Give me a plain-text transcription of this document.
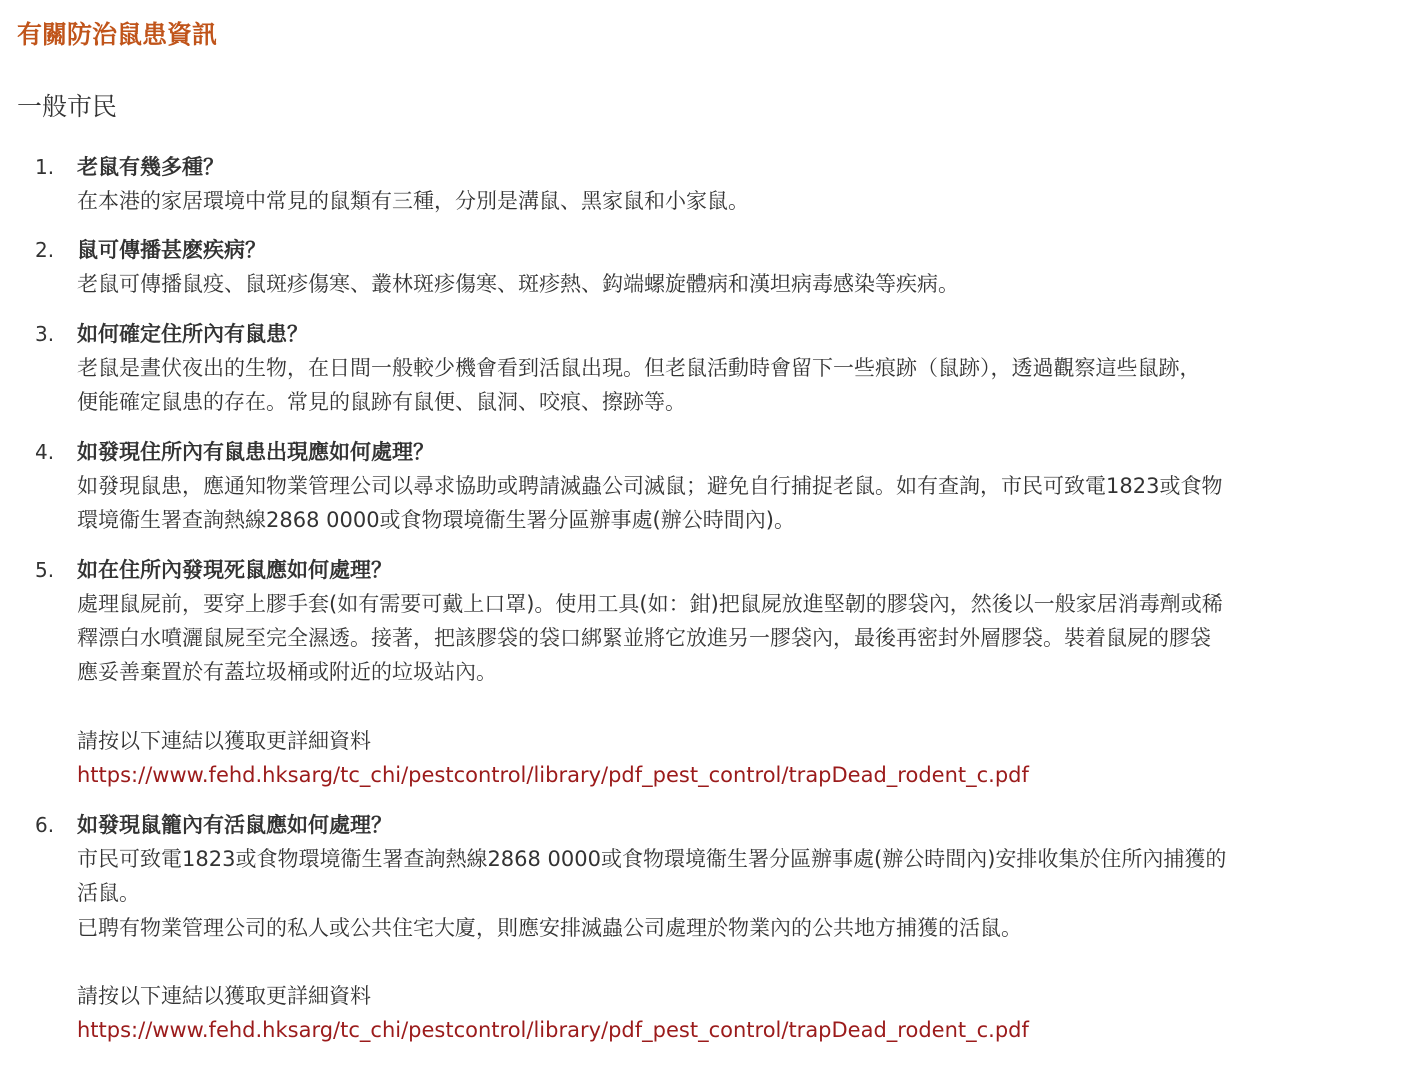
有關防治鼠患資訊
一般市民
1. 老鼠有幾多種？
在本港的家居環境中常見的鼠類有三種，分別是溝鼠、黑家鼠和小家鼠。
2. 鼠可傳播甚麽疾病？
老鼠可傳播鼠疫、鼠斑疹傷寒、叢林斑疹傷寒、斑疹熱、鈎端螺旋體病和漢坦病毒感染等疾病。
3. 如何確定住所內有鼠患？
老鼠是晝伏夜出的生物，在日間一般較少機會看到活鼠出現。但老鼠活動時會留下一些痕跡（鼠跡），透過觀察這些鼠跡，
便能確定鼠患的存在。常見的鼠跡有鼠便、鼠洞、咬痕、擦跡等。
4. 如發現住所內有鼠患出現應如何處理？
如發現鼠患，應通知物業管理公司以尋求協助或聘請滅蟲公司滅鼠；避免自行捕捉老鼠。如有查詢，市民可致電1823或食物
環境衞生署查詢熱線2868 0000或食物環境衞生署分區辦事處(辦公時間內)。
5. 如在住所內發現死鼠應如何處理？
處理鼠屍前，要穿上膠手套(如有需要可戴上口罩)。使用工具(如：鉗)把鼠屍放進堅韌的膠袋內，然後以一般家居消毒劑或稀
釋漂白水噴灑鼠屍至完全濕透。接著，把該膠袋的袋口綁緊並將它放進另一膠袋內，最後再密封外層膠袋。裝着鼠屍的膠袋
應妥善棄置於有蓋垃圾桶或附近的垃圾站內。
請按以下連結以獲取更詳細資料
https://www.fehd.hksarg/tc_chi/pestcontrol/library/pdf_pest_control/trapDead_rodent_c.pdf
6. 如發現鼠籠內有活鼠應如何處理？
市民可致電1823或食物環境衞生署查詢熱線2868 0000或食物環境衞生署分區辦事處(辦公時間內)安排收集於住所內捕獲的
活鼠。
已聘有物業管理公司的私人或公共住宅大廈，則應安排滅蟲公司處理於物業內的公共地方捕獲的活鼠。
請按以下連結以獲取更詳細資料
https://www.fehd.hksarg/tc_chi/pestcontrol/library/pdf_pest_control/trapDead_rodent_c.pdf
